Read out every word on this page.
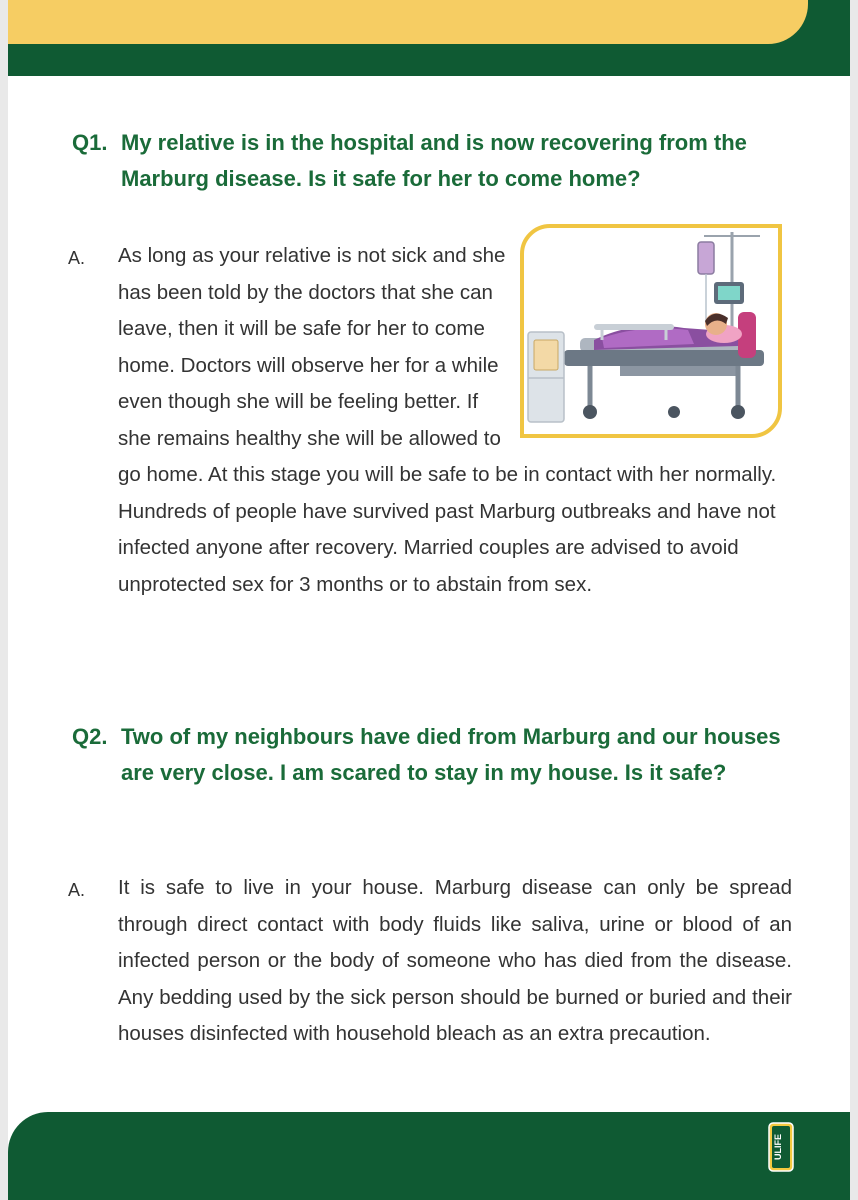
Q1. My relative is in the hospital and is now recovering from the Marburg disease. Is it safe for her to come home?
A.	As long as your relative is not sick and she has been told by the doctors that she can leave, then it will be safe for her to come home. Doctors will observe her for a while even though she will be feeling better. If she remains healthy she will be allowed to go home. At this stage you will be safe to be in contact with her normally. Hundreds of people have survived past Marburg outbreaks and have not infected anyone after recovery. Married couples are advised to avoid unprotected sex for 3 months or to abstain from sex.
Q2. Two of my neighbours have died from Marburg and our houses are very close. I am scared to stay in my house. Is it safe?
A.	It is safe to live in your house. Marburg disease can only be spread through direct contact with body fluids like saliva, urine or blood of an infected person or the body of someone who has died from the disease. Any bedding used by the sick person should be burned or buried and their houses disinfected with household bleach as an extra precaution.
ULIFE
